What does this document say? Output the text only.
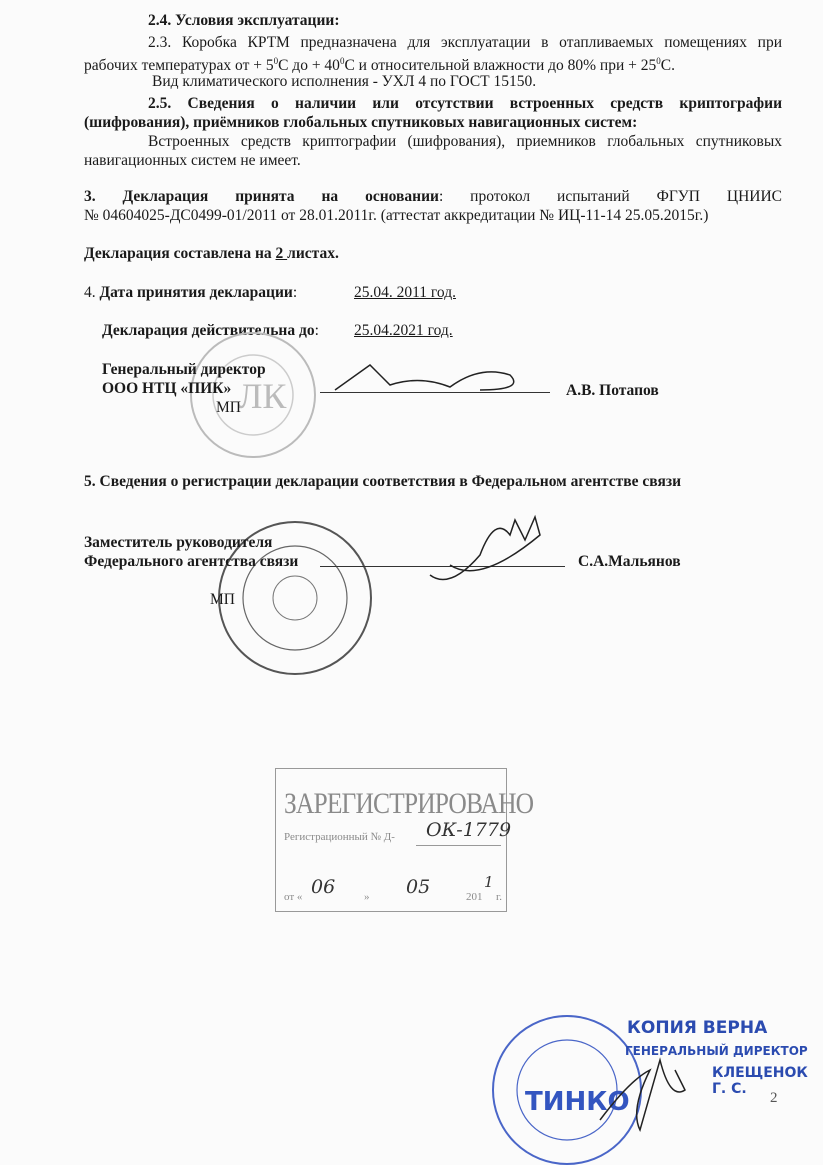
2.4. Условия эксплуатации:
2.3. Коробка КРТМ предназначена для эксплуатации в отапливаемых помещениях при
рабочих температурах от + $5^0С$ до + $40^0С$ и относительной влажности до 80% при + $25^0С$.
Вид климатического исполнения - УХЛ 4 по ГОСТ 15150.
2.5. Сведения о наличии или отсутствии встроенных средств криптографии
(шифрования), приёмников глобальных спутниковых навигационных систем:
Встроенных средств криптографии (шифрования), приемников глобальных спутниковых
навигационных систем не имеет.
3. Декларация принята на основании: протокол испытаний ФГУП ЦНИИС
№ 04604025-ДС0499-01/2011 от 28.01.2011г. (аттестат аккредитации № ИЦ-11-14 25.05.2015г.)
Декларация составлена на 2 листах.
4. Дата принятия декларации:	25.04. 2011 год.
Декларация действительна до: 25.04.2021 год.
ЛК
Генеральный директор
ООО НТЦ «ПИК»
МП
А.В. Потапов
5. Сведения о регистрации декларации соответствия в Федеральном агентстве связи
Заместитель руководителя
Федерального агентства связи
МП
С.А.Мальянов
ЗАРЕГИСТРИРОВАНО
Регистрационный № Д- ОК-1779
от « 06	» 05	201
1
г.
ТИНКО
КОПИЯ ВЕРНА
ГЕНЕРАЛЬНЫЙ ДИРЕКТОР
КЛЕЩЕНОК Г. С.
2
